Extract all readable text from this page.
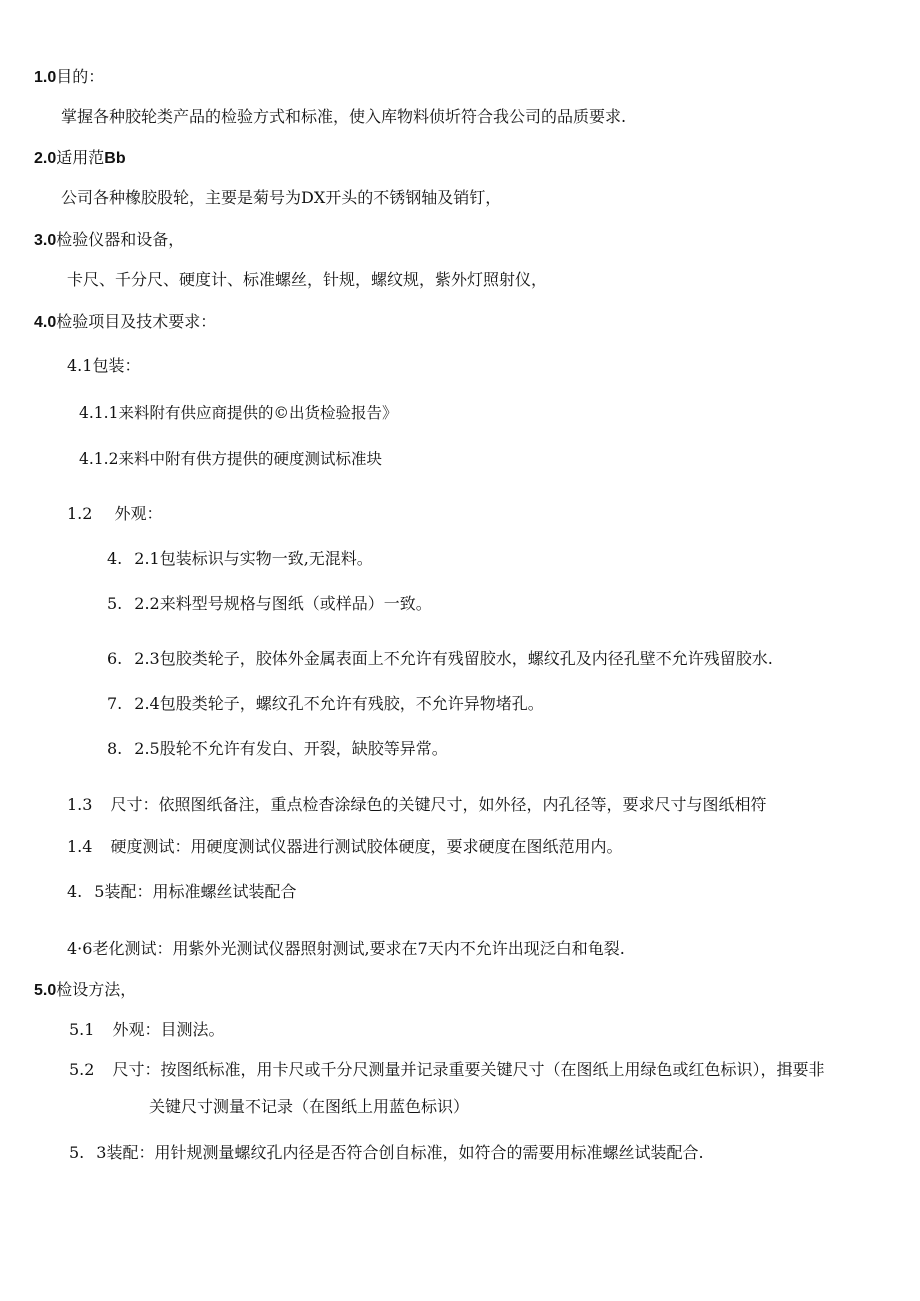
1.0目的：
掌握各种胶轮类产品的检验方式和标准，使入库物料侦圻符合我公司的品质要求.
2.0适用范Bb
公司各种橡胶股轮，主要是菊号为DX开头的不锈钢轴及销钉，
3.0检验仪器和设备，
卡尺、千分尺、硬度计、标准螺丝，针规，螺纹规，紫外灯照射仪，
4.0检验项目及技术要求：
4.1包装：
4.1.1来料附有供应商提供的©出货检验报告》
4.1.2来料中附有供方提供的硬度测试标准块
1.2 外观：
4. 2.1包装标识与实物一致,无混料。
5. 2.2来料型号规格与图纸（或样品）一致。
6. 2.3包胶类轮子，胶体外金属表面上不允许有残留胶水，螺纹孔及内径孔壁不允许残留胶水.
7. 2.4包股类轮子，螺纹孔不允许有残胶，不允许异物堵孔。
8. 2.5股轮不允许有发白、开裂，缺胶等异常。
1.3 尺寸：依照图纸备注，重点检杳涂绿色的关键尺寸，如外径，内孔径等，要求尺寸与图纸相符
1.4 硬度测试：用硬度测试仪器进行测试胶体硬度，要求硬度在图纸范用内。
4. 5装配：用标准螺丝试装配合
4·6老化测试：用紫外光测试仪器照射测试,要求在7天内不允许出现泛白和龟裂.
5.0检设方法，
5.1 外观：目测法。
5.2 尺寸：按图纸标准，用卡尺或千分尺测量并记录重要关键尺寸（在图纸上用绿色或红色标识），揖要非
关键尺寸测量不记录（在图纸上用蓝色标识）
5. 3装配：用针规测量螺纹孔内径是否符合创自标准，如符合的需要用标准螺丝试装配合.
